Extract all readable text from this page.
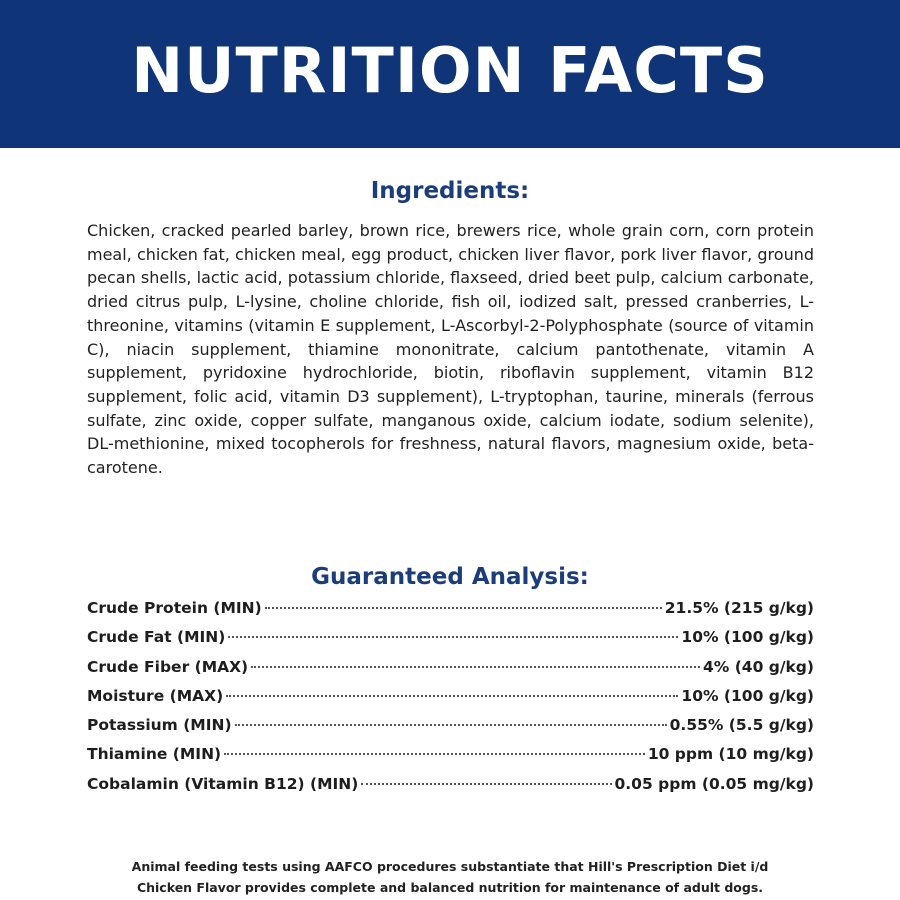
NUTRITION FACTS
Ingredients:
Chicken, cracked pearled barley, brown rice, brewers rice, whole grain corn, corn protein meal, chicken fat, chicken meal, egg product, chicken liver flavor, pork liver flavor, ground pecan shells, lactic acid, potassium chloride, flaxseed, dried beet pulp, calcium carbonate, dried citrus pulp, L-lysine, choline chloride, fish oil, iodized salt, pressed cranberries, L-threonine, vitamins (vitamin E supplement, L-Ascorbyl-2-Polyphosphate (source of vitamin C), niacin supplement, thiamine mononitrate, calcium pantothenate, vitamin A supplement, pyridoxine hydrochloride, biotin, riboflavin supplement, vitamin B12 supplement, folic acid, vitamin D3 supplement), L-tryptophan, taurine, minerals (ferrous sulfate, zinc oxide, copper sulfate, manganous oxide, calcium iodate, sodium selenite), DL-methionine, mixed tocopherols for freshness, natural flavors, magnesium oxide, beta-carotene.
Guaranteed Analysis:
Crude Protein (MIN)	21.5% (215 g/kg)
Crude Fat (MIN)	10% (100 g/kg)
Crude Fiber (MAX)	4% (40 g/kg)
Moisture (MAX)	10% (100 g/kg)
Potassium (MIN)	0.55% (5.5 g/kg)
Thiamine (MIN)	10 ppm (10 mg/kg)
Cobalamin (Vitamin B12) (MIN)	0.05 ppm (0.05 mg/kg)
Animal feeding tests using AAFCO procedures substantiate that Hill's Prescription Diet i/d
Chicken Flavor provides complete and balanced nutrition for maintenance of adult dogs.
